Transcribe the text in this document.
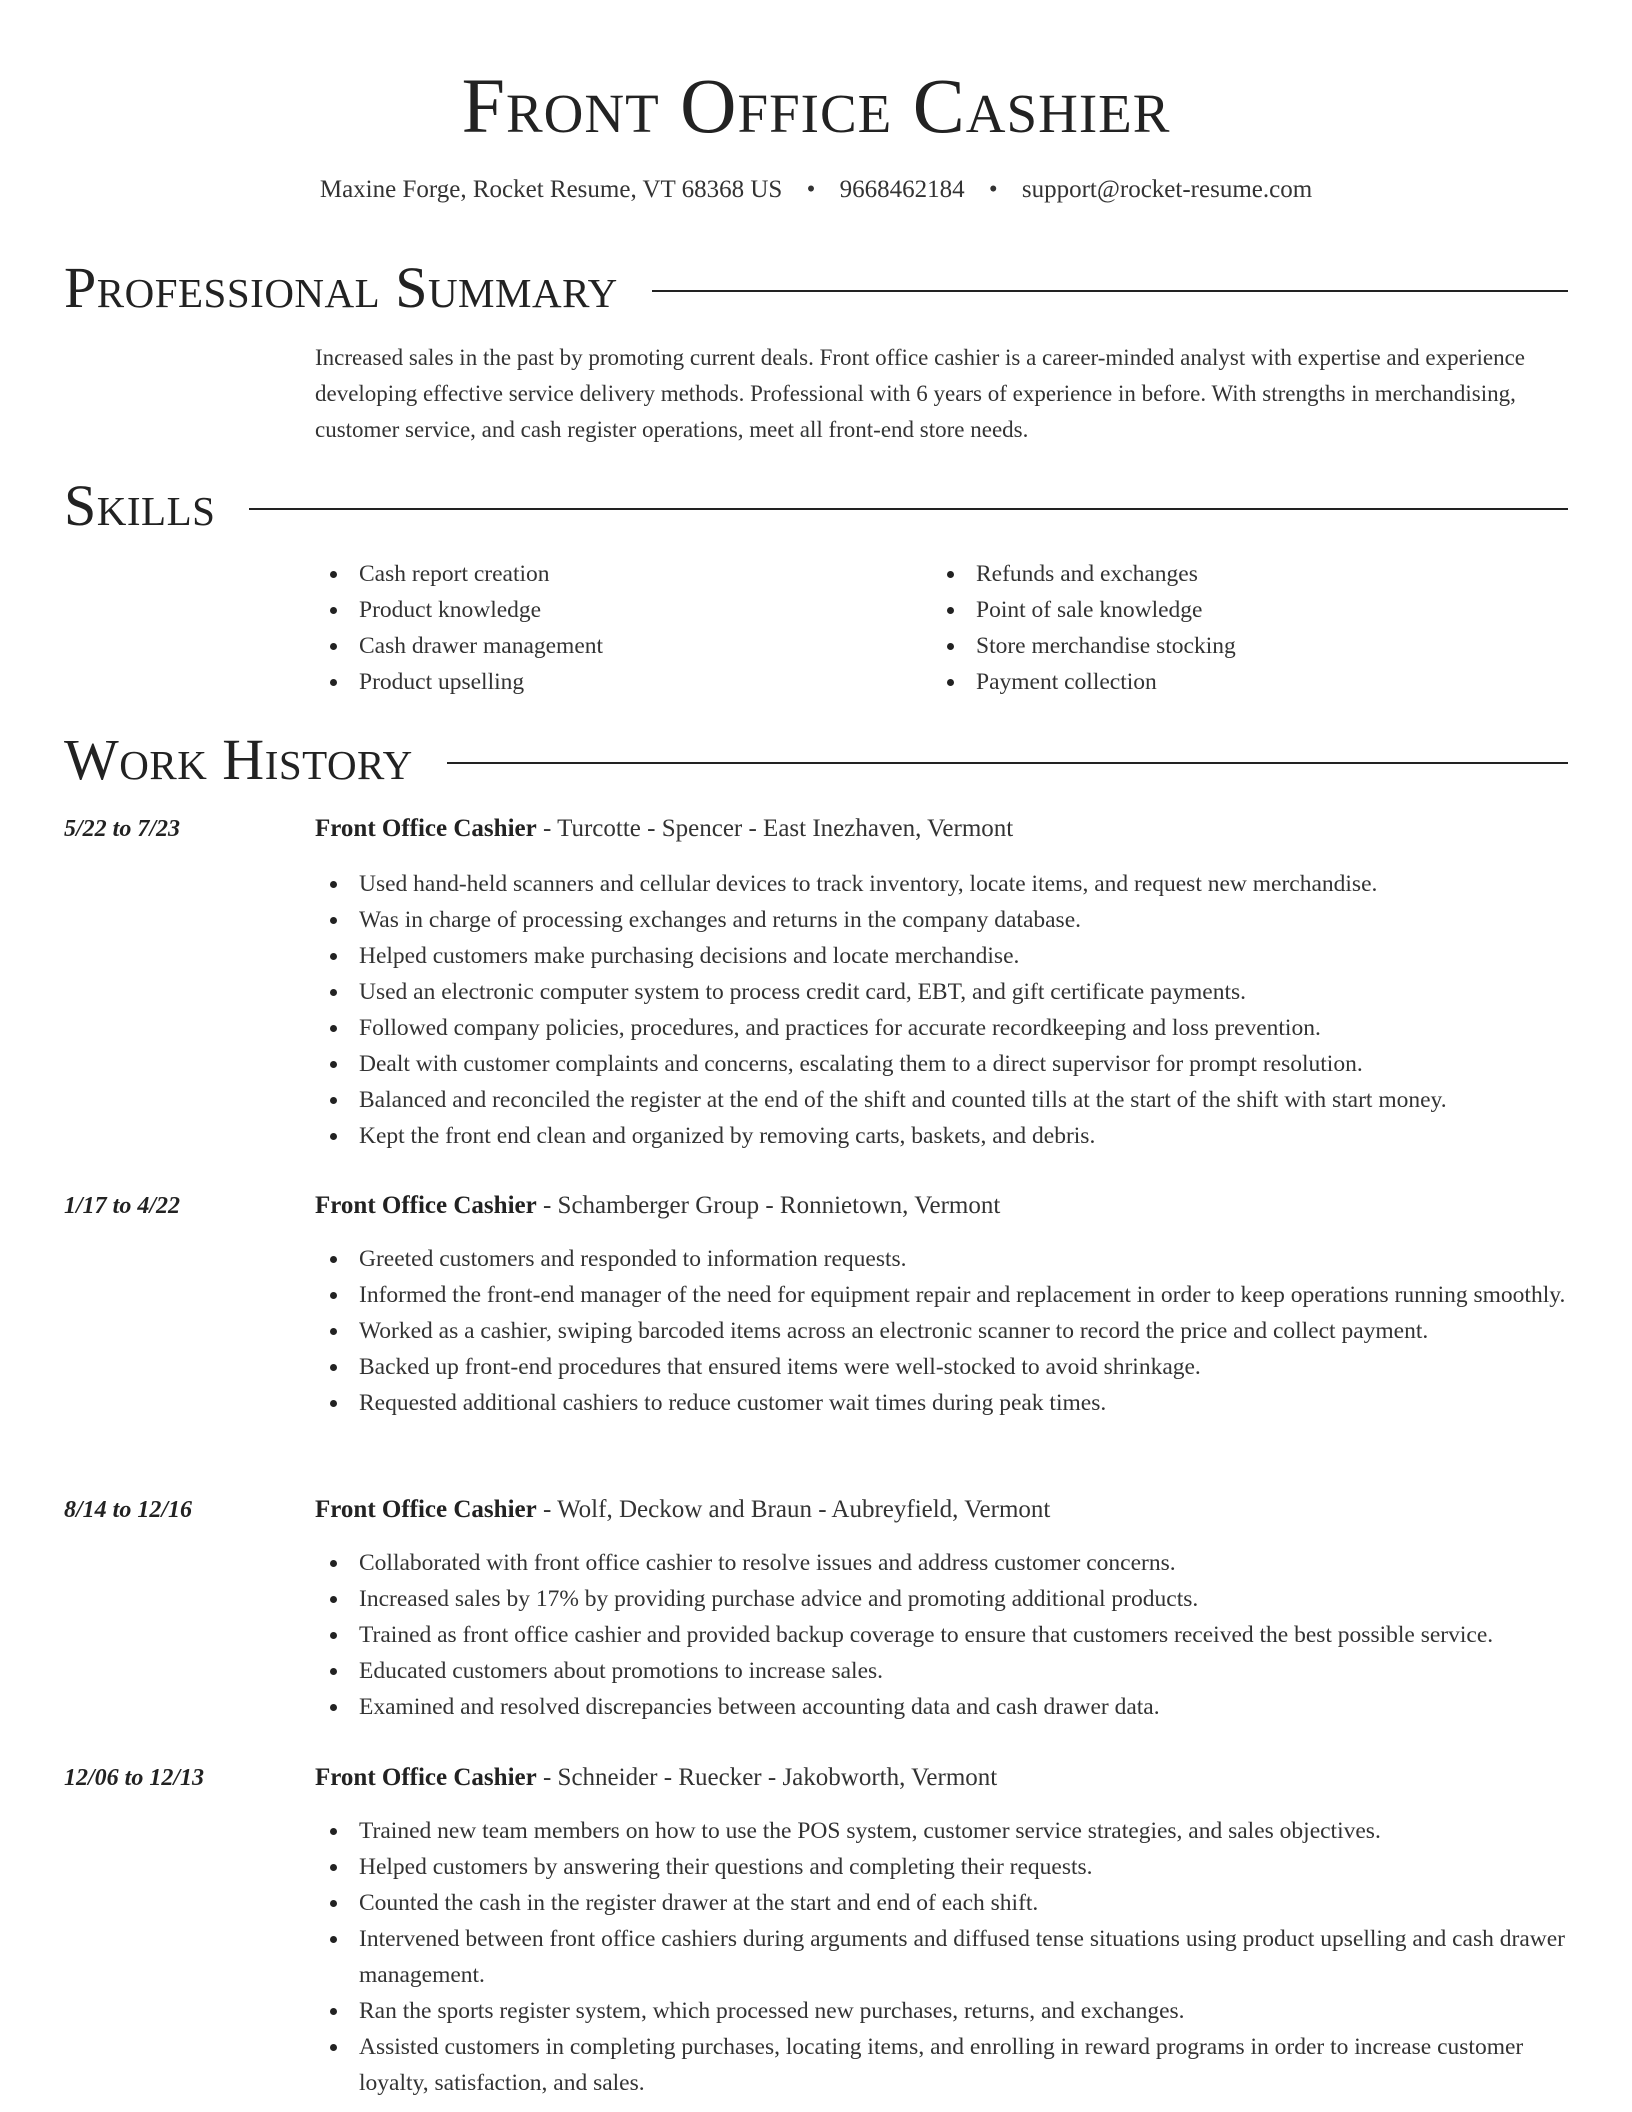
Front Office Cashier
Maxine Forge, Rocket Resume, VT 68368 US • 9668462184 • support@rocket-resume.com
Professional Summary

Increased sales in the past by promoting current deals. Front office cashier is a career-minded analyst with expertise and experience developing effective service delivery methods. Professional with 6 years of experience in before. With strengths in merchandising, customer service, and cash register operations, meet all front-end store needs.

Skills
Cash report creation
Product knowledge
Cash drawer management
Product upselling
Refunds and exchanges
Point of sale knowledge
Store merchandise stocking
Payment collection
Work History
5/22 to 7/23	Front Office Cashier - Turcotte - Spencer - East Inezhaven, Vermont
Used hand-held scanners and cellular devices to track inventory, locate items, and request new merchandise.
Was in charge of processing exchanges and returns in the company database.
Helped customers make purchasing decisions and locate merchandise.
Used an electronic computer system to process credit card, EBT, and gift certificate payments.
Followed company policies, procedures, and practices for accurate recordkeeping and loss prevention.
Dealt with customer complaints and concerns, escalating them to a direct supervisor for prompt resolution.
Balanced and reconciled the register at the end of the shift and counted tills at the start of the shift with start money.
Kept the front end clean and organized by removing carts, baskets, and debris.
1/17 to 4/22	Front Office Cashier - Schamberger Group - Ronnietown, Vermont
Greeted customers and responded to information requests.
Informed the front-end manager of the need for equipment repair and replacement in order to keep operations running smoothly.
Worked as a cashier, swiping barcoded items across an electronic scanner to record the price and collect payment.
Backed up front-end procedures that ensured items were well-stocked to avoid shrinkage.
Requested additional cashiers to reduce customer wait times during peak times.
8/14 to 12/16	Front Office Cashier - Wolf, Deckow and Braun - Aubreyfield, Vermont
Collaborated with front office cashier to resolve issues and address customer concerns.
Increased sales by 17% by providing purchase advice and promoting additional products.
Trained as front office cashier and provided backup coverage to ensure that customers received the best possible service.
Educated customers about promotions to increase sales.
Examined and resolved discrepancies between accounting data and cash drawer data.
12/06 to 12/13	Front Office Cashier - Schneider - Ruecker - Jakobworth, Vermont
Trained new team members on how to use the POS system, customer service strategies, and sales objectives.
Helped customers by answering their questions and completing their requests.
Counted the cash in the register drawer at the start and end of each shift.
Intervened between front office cashiers during arguments and diffused tense situations using product upselling and cash drawer management.
Ran the sports register system, which processed new purchases, returns, and exchanges.
Assisted customers in completing purchases, locating items, and enrolling in reward programs in order to increase customer loyalty, satisfaction, and sales.
